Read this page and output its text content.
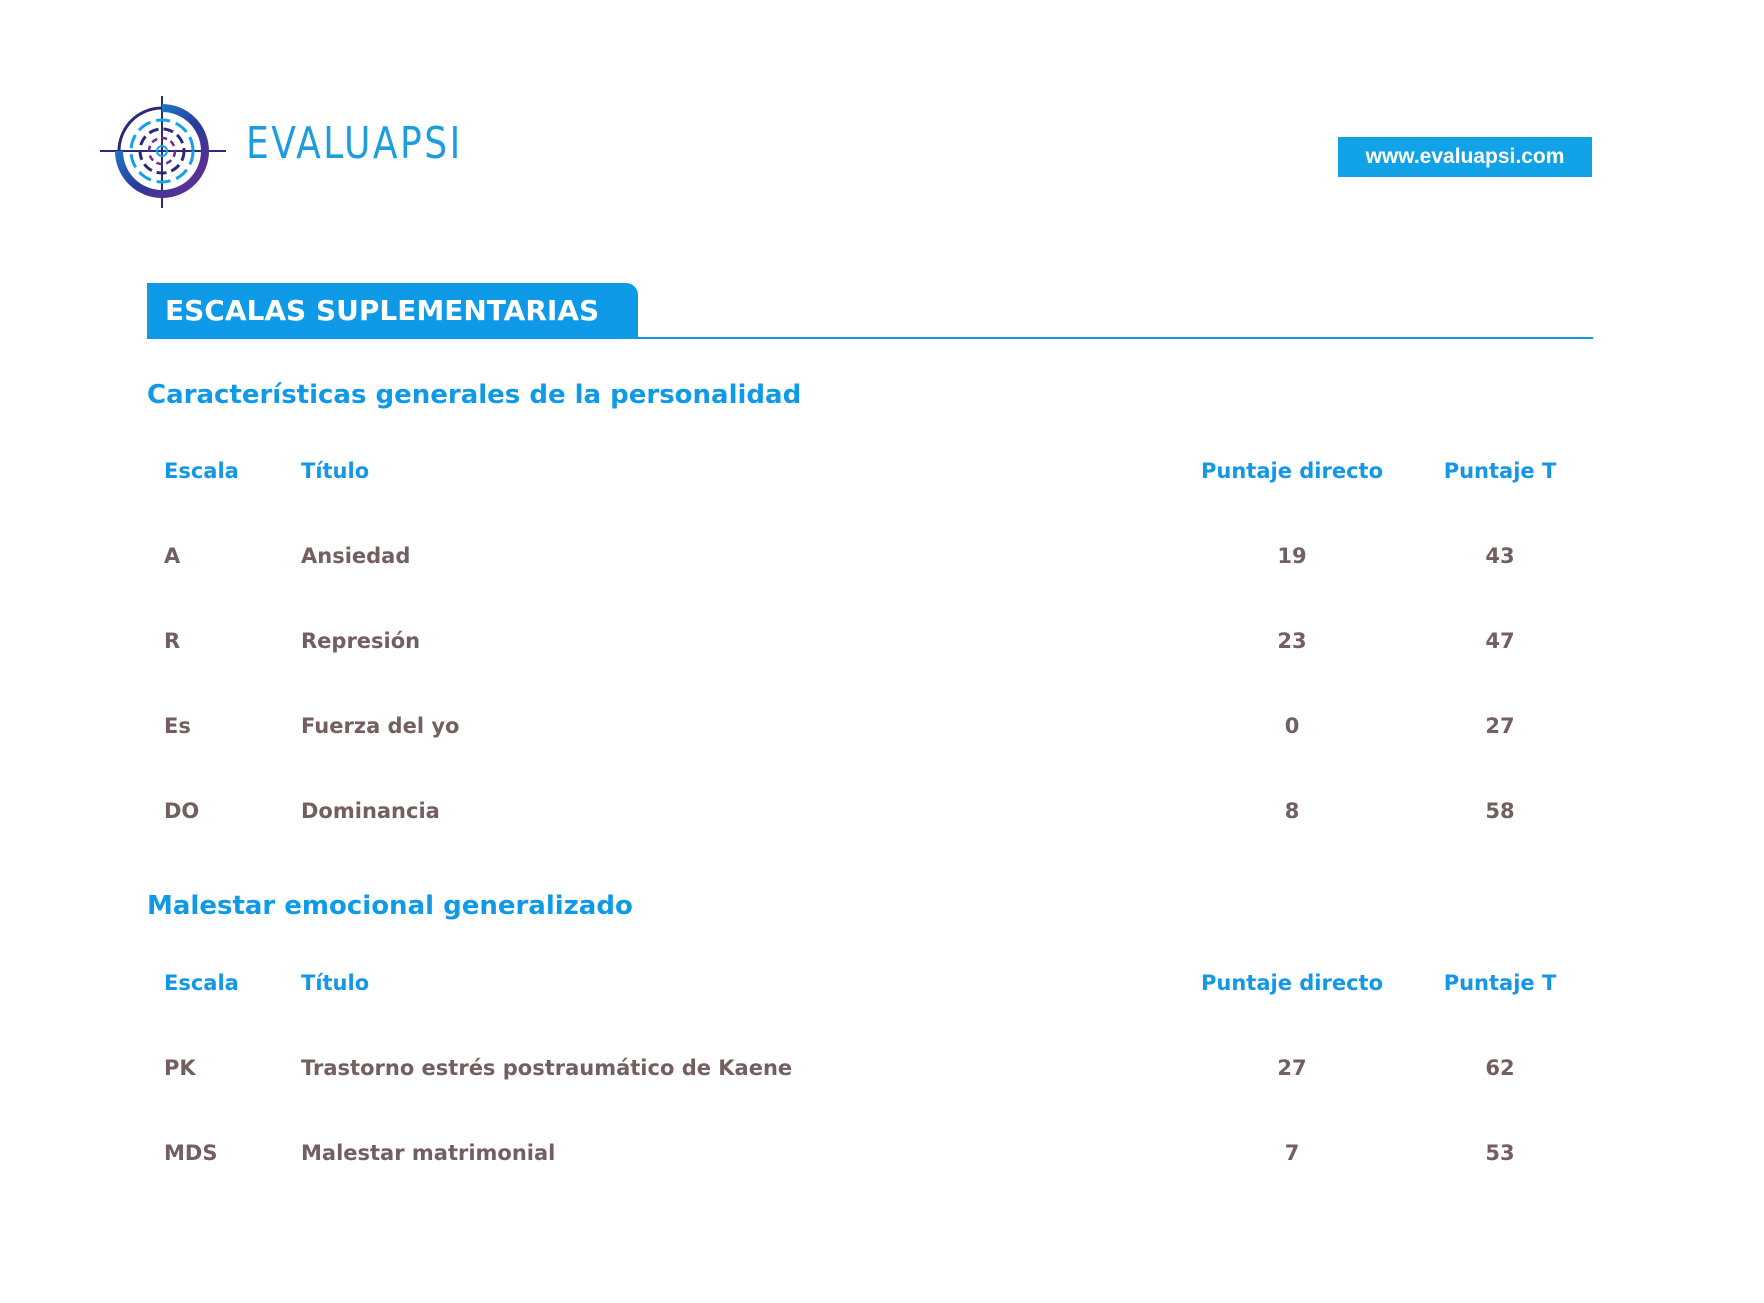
EVALUAPSI	www.evaluapsi.com
ESCALAS SUPLEMENTARIAS
Características generales de la personalidad
Escala	Título	Puntaje directo	Puntaje T
A	Ansiedad	19	43
R	Represión	23	47
Es	Fuerza del yo	0	27
DO	Dominancia	8	58
Malestar emocional generalizado
Escala	Título	Puntaje directo	Puntaje T
PK	Trastorno estrés postraumático de Kaene	27	62
MDS	Malestar matrimonial	7	53
